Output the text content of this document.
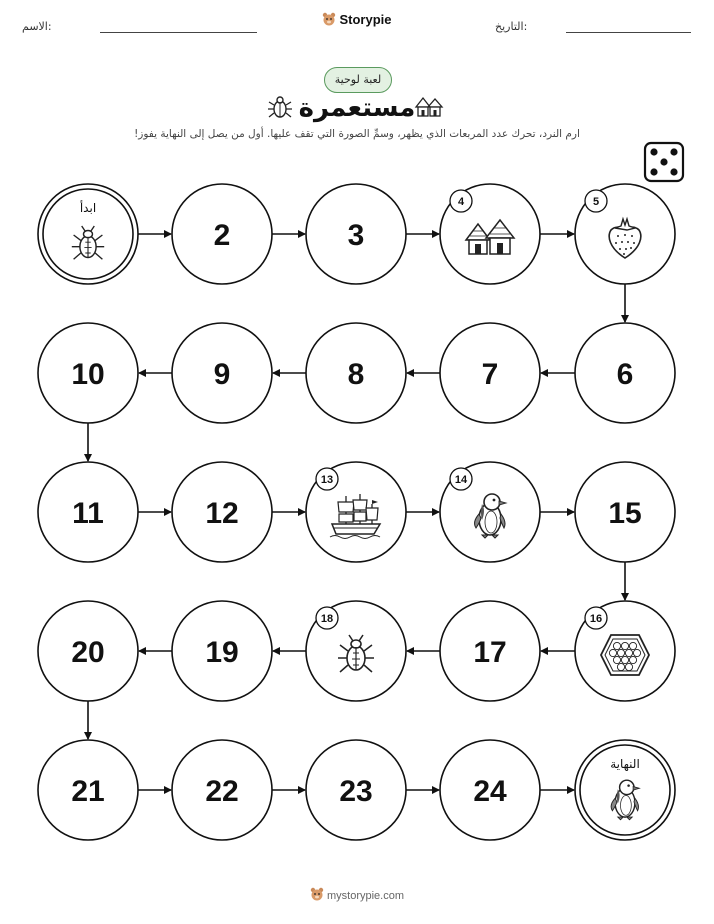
الاسم:	Storypie	التاريخ:
لعبة لوحية
مستعمرة
ارم النرد، تحرك عدد المربعات الذي يظهر، وسمِّ الصورة التي تقف عليها. أول من يصل إلى النهاية يفوز!
ابدأ
2	3
4	5
6
7
8
9
10
11	12
13	14
15
16
17
18
19
20
21	22	23	24
النهاية
mystorypie.com
